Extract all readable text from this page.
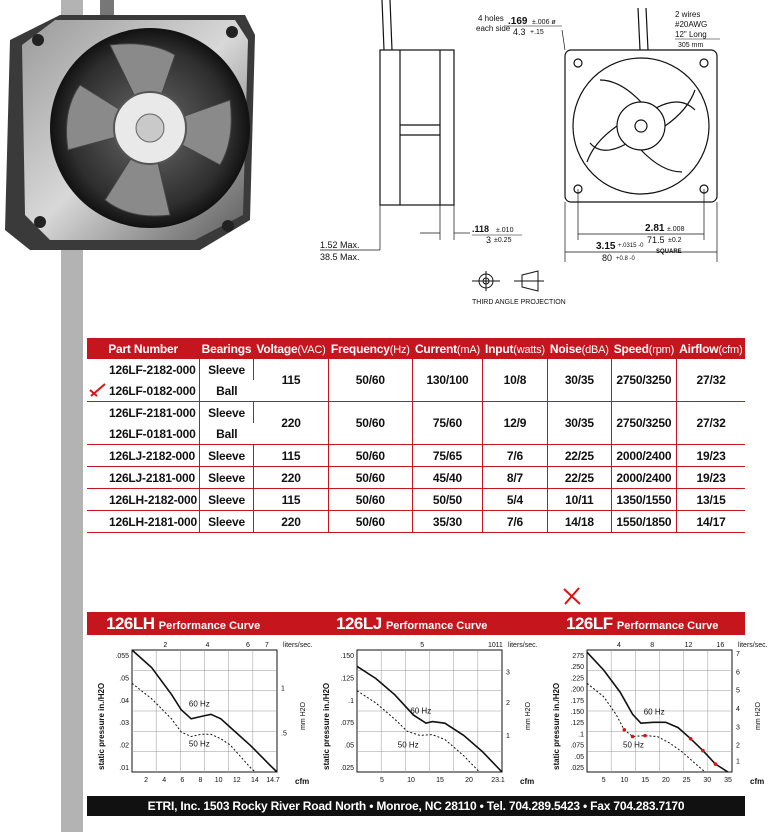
4 holes
each side
.169 ±.006 ø
4.3 +.15
2 wires
#20AWG
12" Long
305 mm
1.52 Max.
38.5 Max.
.118 ±.010
3 ±0.25
2.81 ±.008
71.5 ±0.2
3.15 +.0315 -0
SQUARE
80 +0.8 -0
THIRD ANGLE PROJECTION
Part Number	Bearings	Voltage(VAC)	Frequency(Hz)	Current(mA)	Input(watts)	Noise(dBA)	Speed(rpm)	Airflow(cfm)
126LF-2182-000	Sleeve	115	50/60	130/100	10/8	30/35	2750/3250	27/32
126LF-0182-000	Ball							
126LF-2181-000	Sleeve	220	50/60	75/60	12/9	30/35	2750/3250	27/32
126LF-0181-000	Ball							
126LJ-2182-000	Sleeve	115	50/60	75/65	7/6	22/25	2000/2400	19/23
126LJ-2181-000	Sleeve	220	50/60	45/40	8/7	22/25	2000/2400	19/23
126LH-2182-000	Sleeve	115	50/60	50/50	5/4	10/11	1350/1550	13/15
126LH-2181-000	Sleeve	220	50/60	35/30	7/6	14/18	1550/1850	14/17
126LH Performance Curve	126LJ Performance Curve	126LF Performance Curve
60 Hz
50 Hz
.055
.05
.04
.03
.02
.01
2 4 6 8 10 12 14 14.7
2	4	6 7
1
.5
cfm
liters/sec.
static pressure in./H2O	mm H2O	60 Hz
50 Hz
.150
.125
.1
.075
.05
.025
5	10	15	20	23.1
5	10 11
3
2
1
cfm
liters/sec.
static pressure in./H2O	mm H2O	60 Hz
50 Hz
275
.250
.225
.200
.175
.150
.125
.1
.075
.05
.025
5 10 15 20 25 30 35
4	8	12	16
7
6
5
4
3
2
1
cfm
liters/sec.
static pressure in./H2O	mm H2O
ETRI, Inc. 1503 Rocky River Road North • Monroe, NC 28110 • Tel. 704.289.5423 • Fax 704.283.7170
